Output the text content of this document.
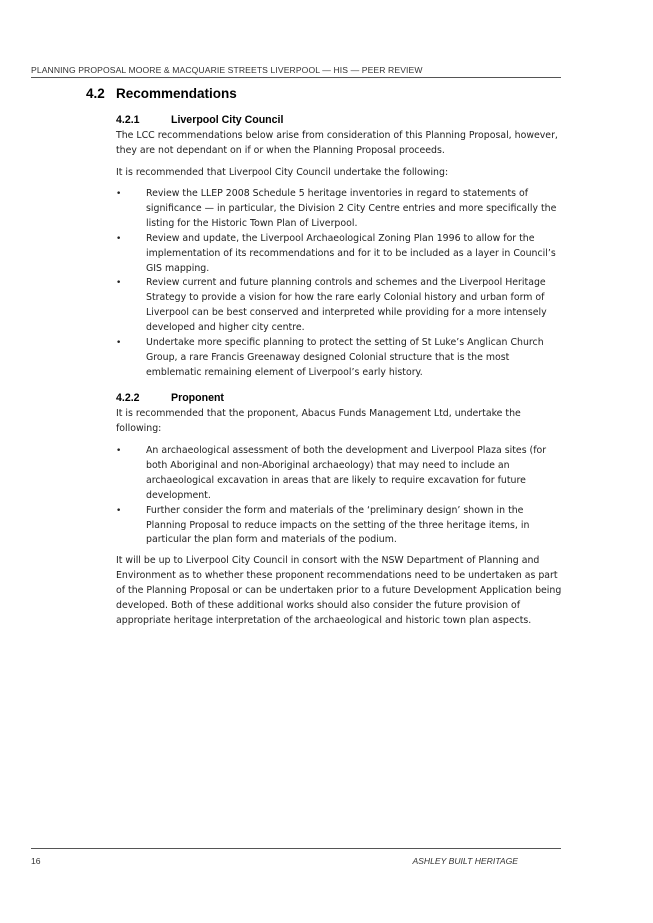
PLANNING PROPOSAL MOORE & MACQUARIE STREETS LIVERPOOL — HIS — PEER REVIEW
4.2 Recommendations
4.2.1	Liverpool City Council

The LCC recommendations below arise from consideration of this Planning Proposal, however, they are not dependant on if or when the Planning Proposal proceeds.

It is recommended that Liverpool City Council undertake the following:

•	Review the LLEP 2008 Schedule 5 heritage inventories in regard to statements of significance — in particular, the Division 2 City Centre entries and more specifically the listing for the Historic Town Plan of Liverpool.
•	Review and update, the Liverpool Archaeological Zoning Plan 1996 to allow for the implementation of its recommendations and for it to be included as a layer in Council’s GIS mapping.
•	Review current and future planning controls and schemes and the Liverpool Heritage Strategy to provide a vision for how the rare early Colonial history and urban form of Liverpool can be best conserved and interpreted while providing for a more intensely developed and higher city centre.
•	Undertake more specific planning to protect the setting of St Luke’s Anglican Church Group, a rare Francis Greenaway designed Colonial structure that is the most emblematic remaining element of Liverpool’s early history.
4.2.2	Proponent

It is recommended that the proponent, Abacus Funds Management Ltd, undertake the following:

•	An archaeological assessment of both the development and Liverpool Plaza sites (for both Aboriginal and non-Aboriginal archaeology) that may need to include an archaeological excavation in areas that are likely to require excavation for future development.
•	Further consider the form and materials of the ‘preliminary design’ shown in the Planning Proposal to reduce impacts on the setting of the three heritage items, in particular the plan form and materials of the podium.

It will be up to Liverpool City Council in consort with the NSW Department of Planning and Environment as to whether these proponent recommendations need to be undertaken as part of the Planning Proposal or can be undertaken prior to a future Development Application being developed. Both of these additional works should also consider the future provision of appropriate heritage interpretation of the archaeological and historic town plan aspects.

16	ASHLEY BUILT HERITAGE
